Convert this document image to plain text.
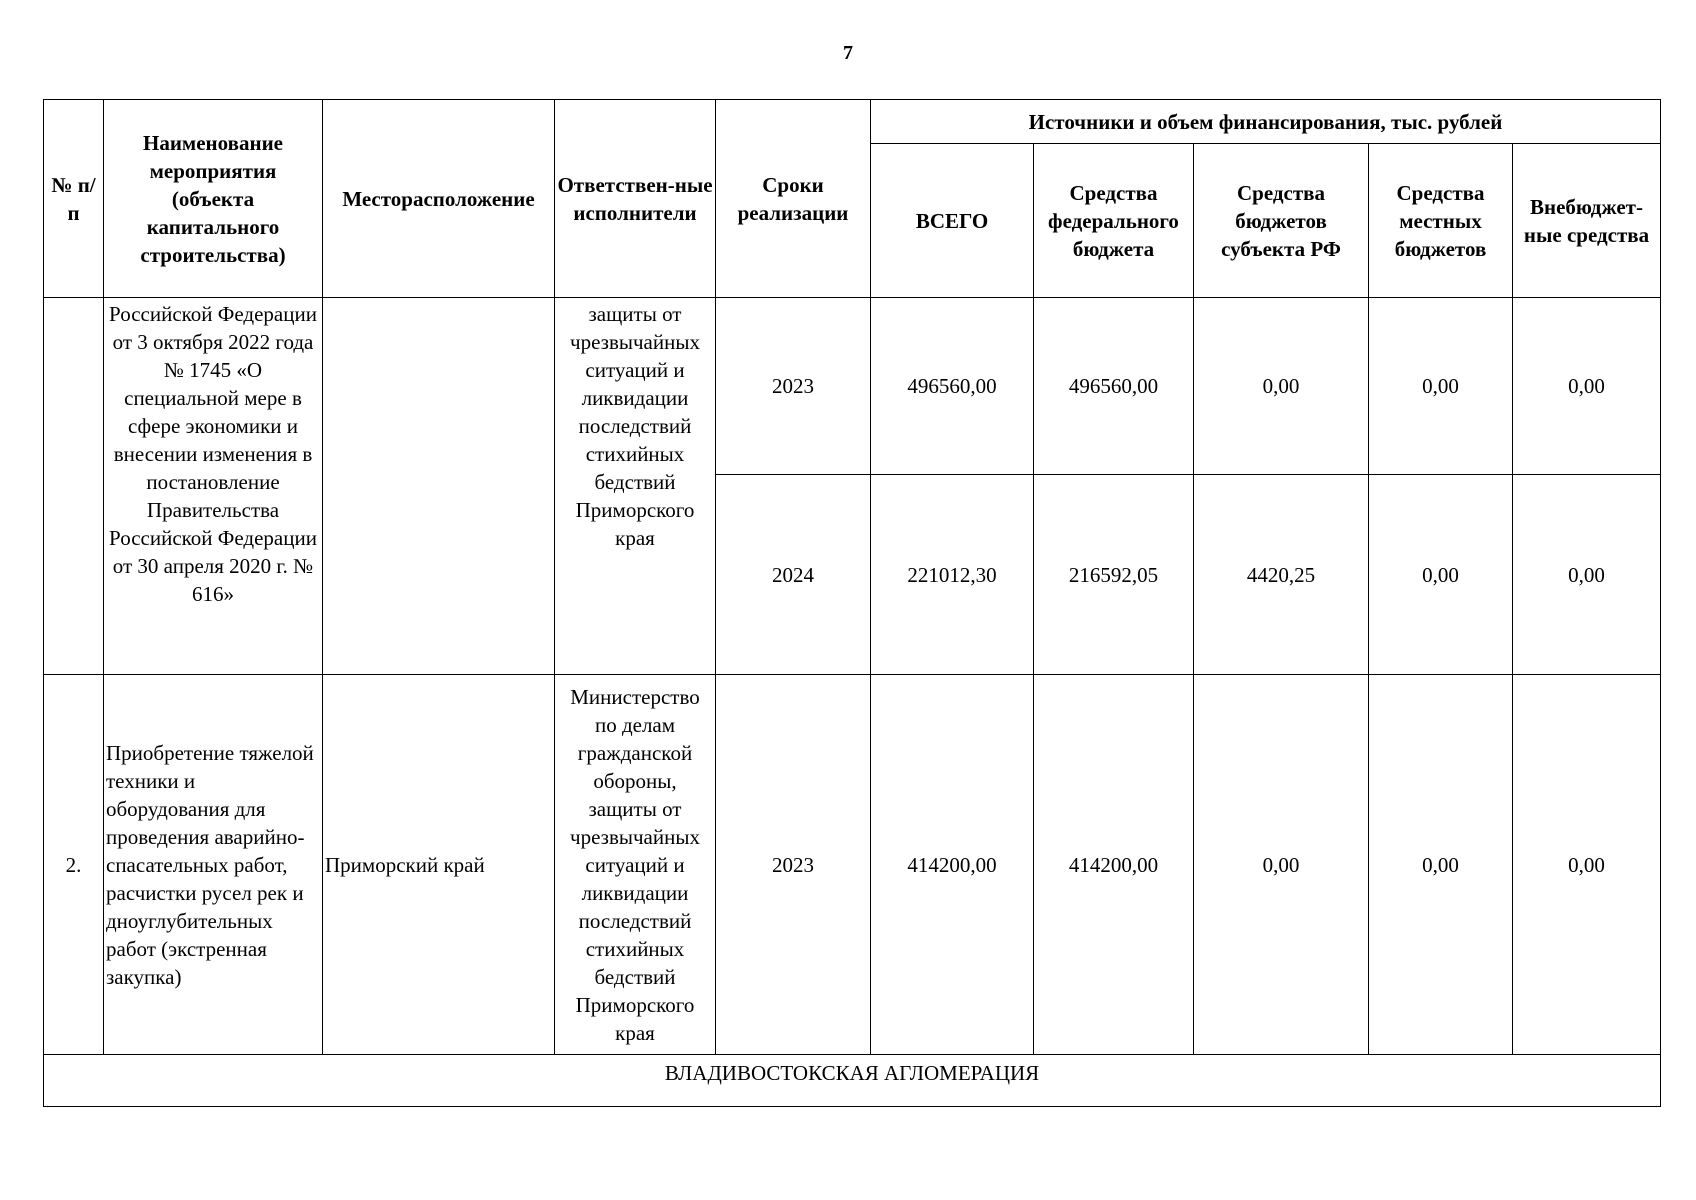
7
№ п/п	Наименование мероприятия (объекта капитального строительства)	Месторасположение	Ответствен-ные исполнители	Сроки реализации	Источники и объем финансирования, тыс. рублей				
					ВСЕГО	Средства федерального бюджета	Средства бюджетов субъекта РФ	Средства местных бюджетов	Внебюджет-ные средства
	Российской Федерации от 3 октября 2022 года № 1745 «О специальной мере в сфере экономики и внесении изменения в постановление Правительства Российской Федерации от 30 апреля 2020 г. № 616»		защиты от чрезвычайных ситуаций и ликвидации последствий стихийных бедствий Приморского края	2023	496560,00	496560,00	0,00	0,00	0,00
				2024	221012,30	216592,05	4420,25	0,00	0,00
2.	Приобретение тяжелой техники и оборудования для проведения аварийно-спасательных работ, расчистки русел рек и дноуглубительных работ (экстренная закупка)	Приморский край	Министерство по делам гражданской обороны, защиты от чрезвычайных ситуаций и ликвидации последствий стихийных бедствий Приморского края	2023	414200,00	414200,00	0,00	0,00	0,00
ВЛАДИВОСТОКСКАЯ АГЛОМЕРАЦИЯ									
